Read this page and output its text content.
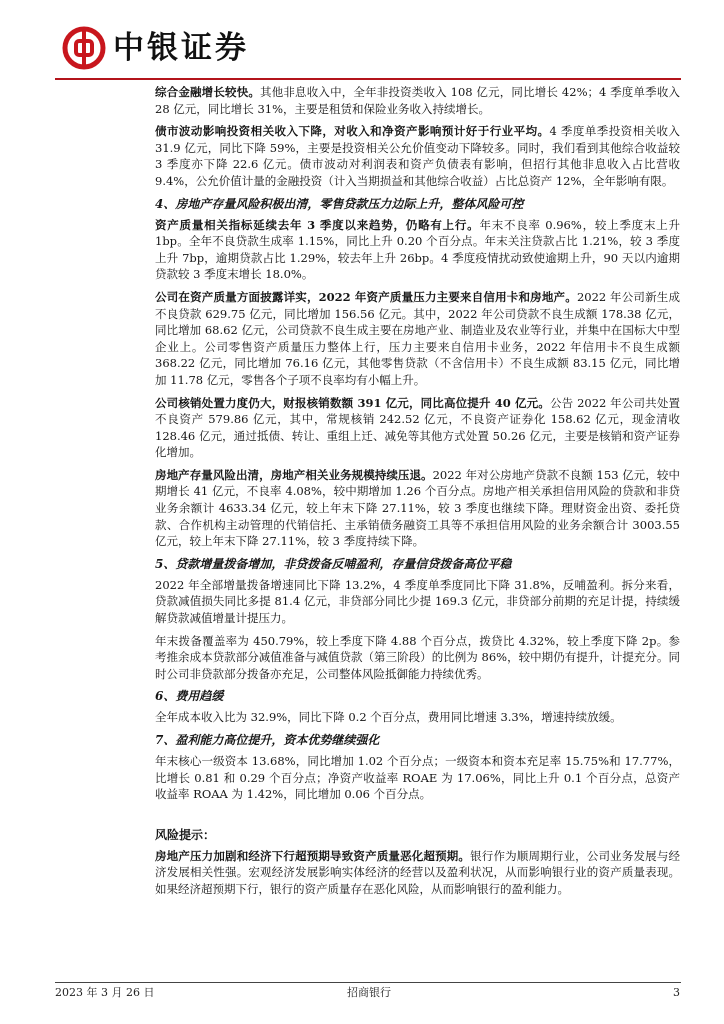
中银证券

综合金融增长较快。其他非息收入中，全年非投资类收入 108 亿元，同比增长 42%；4 季度单季收入 28 亿元，同比增长 31%，主要是租赁和保险业务收入持续增长。

债市波动影响投资相关收入下降，对收入和净资产影响预计好于行业平均。4 季度单季投资相关收入 31.9 亿元，同比下降 59%，主要是投资相关公允价值变动下降较多。同时，我们看到其他综合收益较 3 季度亦下降 22.6 亿元。债市波动对利润表和资产负债表有影响，但招行其他非息收入占比营收 9.4%，公允价值计量的金融投资（计入当期损益和其他综合收益）占比总资产 12%，全年影响有限。

4、房地产存量风险积极出清，零售贷款压力边际上升，整体风险可控

资产质量相关指标延续去年 3 季度以来趋势，仍略有上行。年末不良率 0.96%，较上季度末上升 1bp。全年不良贷款生成率 1.15%，同比上升 0.20 个百分点。年末关注贷款占比 1.21%，较 3 季度上升 7bp，逾期贷款占比 1.29%，较去年上升 26bp。4 季度疫情扰动致使逾期上升，90 天以内逾期贷款较 3 季度末增长 18.0%。

公司在资产质量方面披露详实，2022 年资产质量压力主要来自信用卡和房地产。2022 年公司新生成不良贷款 629.75 亿元，同比增加 156.56 亿元。其中，2022 年公司贷款不良生成额 178.38 亿元，同比增加 68.62 亿元，公司贷款不良生成主要在房地产业、制造业及农业等行业，并集中在国标大中型企业上。公司零售资产质量压力整体上行，压力主要来自信用卡业务，2022 年信用卡不良生成额 368.22 亿元，同比增加 76.16 亿元，其他零售贷款（不含信用卡）不良生成额 83.15 亿元，同比增加 11.78 亿元，零售各个子项不良率均有小幅上升。

公司核销处置力度仍大，财报核销数额 391 亿元，同比高位提升 40 亿元。公告 2022 年公司共处置不良资产 579.86 亿元，其中，常规核销 242.52 亿元，不良资产证券化 158.62 亿元，现金清收 128.46 亿元，通过抵债、转让、重组上迁、减免等其他方式处置 50.26 亿元，主要是核销和资产证券化增加。

房地产存量风险出清，房地产相关业务规模持续压退。2022 年对公房地产贷款不良额 153 亿元，较中期增长 41 亿元，不良率 4.08%，较中期增加 1.26 个百分点。房地产相关承担信用风险的贷款和非贷业务余额计 4633.34 亿元，较上年末下降 27.11%，较 3 季度也继续下降。理财资金出资、委托贷款、合作机构主动管理的代销信托、主承销债务融资工具等不承担信用风险的业务余额合计 3003.55 亿元，较上年末下降 27.11%，较 3 季度持续下降。

5、贷款增量拨备增加，非贷拨备反哺盈利，存量信贷拨备高位平稳

2022 年全部增量拨备增速同比下降 13.2%，4 季度单季度同比下降 31.8%，反哺盈利。拆分来看，贷款减值损失同比多提 81.4 亿元，非贷部分同比少提 169.3 亿元，非贷部分前期的充足计提，持续缓解贷款减值增量计提压力。

年末拨备覆盖率为 450.79%，较上季度下降 4.88 个百分点，拨贷比 4.32%，较上季度下降 2p。参考推余成本贷款部分减值准备与减值贷款（第三阶段）的比例为 86%，较中期仍有提升，计提充分。同时公司非贷款部分拨备亦充足，公司整体风险抵御能力持续优秀。

6、费用趋缓

全年成本收入比为 32.9%，同比下降 0.2 个百分点，费用同比增速 3.3%，增速持续放缓。

7、盈利能力高位提升，资本优势继续强化

年末核心一级资本 13.68%，同比增加 1.02 个百分点；一级资本和资本充足率 15.75%和 17.77%，比增长 0.81 和 0.29 个百分点；净资产收益率 ROAE 为 17.06%，同比上升 0.1 个百分点，总资产收益率 ROAA 为 1.42%，同比增加 0.06 个百分点。

风险提示：

房地产压力加剧和经济下行超预期导致资产质量恶化超预期。银行作为顺周期行业，公司业务发展与经济发展相关性强。宏观经济发展影响实体经济的经营以及盈利状况，从而影响银行业的资产质量表现。如果经济超预期下行，银行的资产质量存在恶化风险，从而影响银行的盈利能力。

2023 年 3 月 26 日	招商银行	3
